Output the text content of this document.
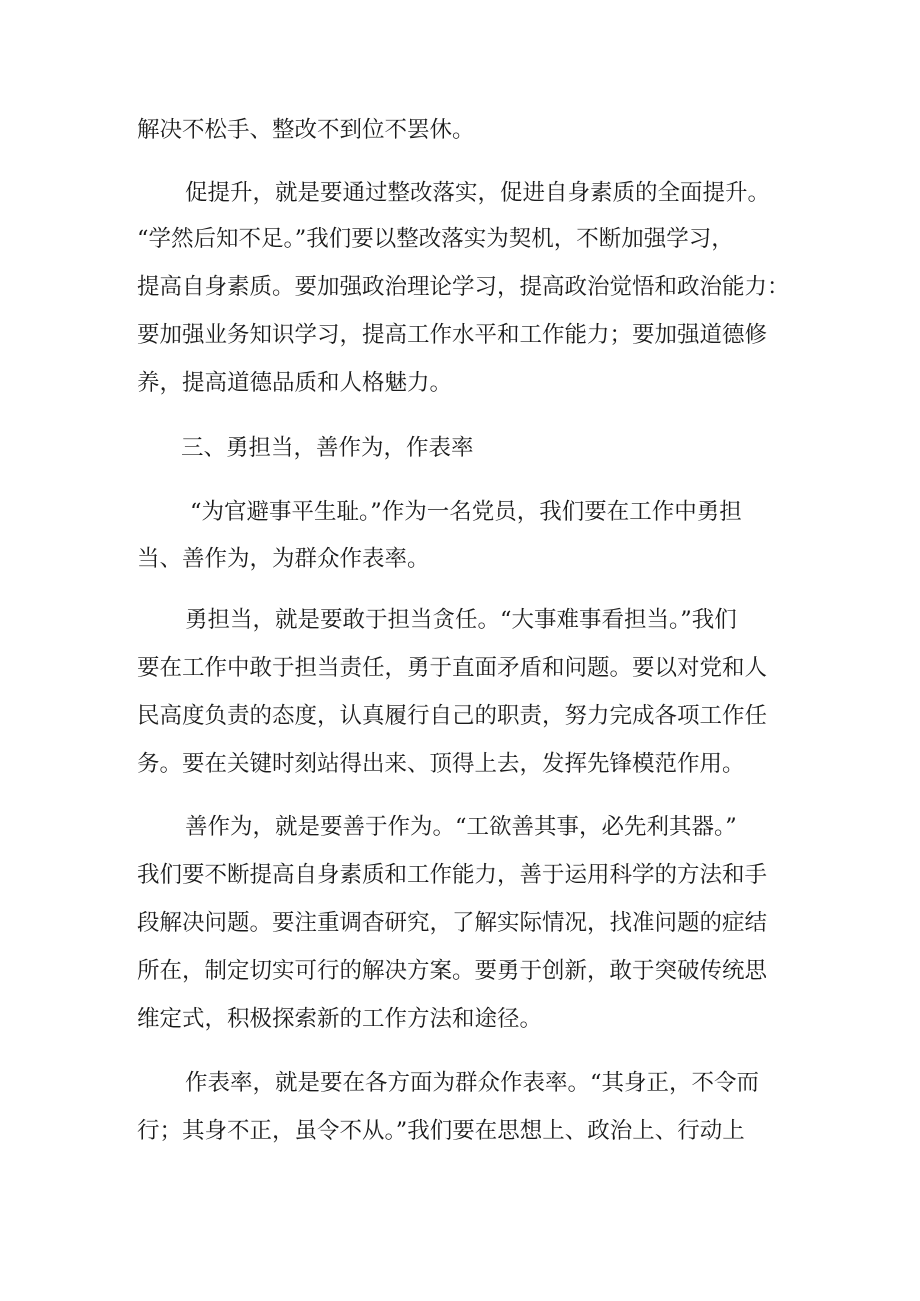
解决不松手、整改不到位不罢休。
促提升，就是要通过整改落实，促进自身素质的全面提升。
“学然后知不足。”我们要以整改落实为契机，不断加强学习，
提高自身素质。要加强政治理论学习，提高政治觉悟和政治能力：
要加强业务知识学习，提高工作水平和工作能力；要加强道德修
养，提高道德品质和人格魅力。
三、勇担当，善作为，作表率
“为官避事平生耻。”作为一名党员，我们要在工作中勇担
当、善作为，为群众作表率。
勇担当，就是要敢于担当贪任。“大事难事看担当。”我们
要在工作中敢于担当责任，勇于直面矛盾和问题。要以对党和人
民高度负责的态度，认真履行自己的职责，努力完成各项工作任
务。要在关键时刻站得出来、顶得上去，发挥先锋模范作用。
善作为，就是要善于作为。“工欲善其事，必先利其器。”
我们要不断提高自身素质和工作能力，善于运用科学的方法和手
段解决问题。要注重调杳研究，了解实际情况，找准问题的症结
所在，制定切实可行的解决方案。要勇于创新，敢于突破传统思
维定式，积极探索新的工作方法和途径。
作表率，就是要在各方面为群众作表率。“其身正，不令而
行；其身不正，虽令不从。”我们要在思想上、政治上、行动上
